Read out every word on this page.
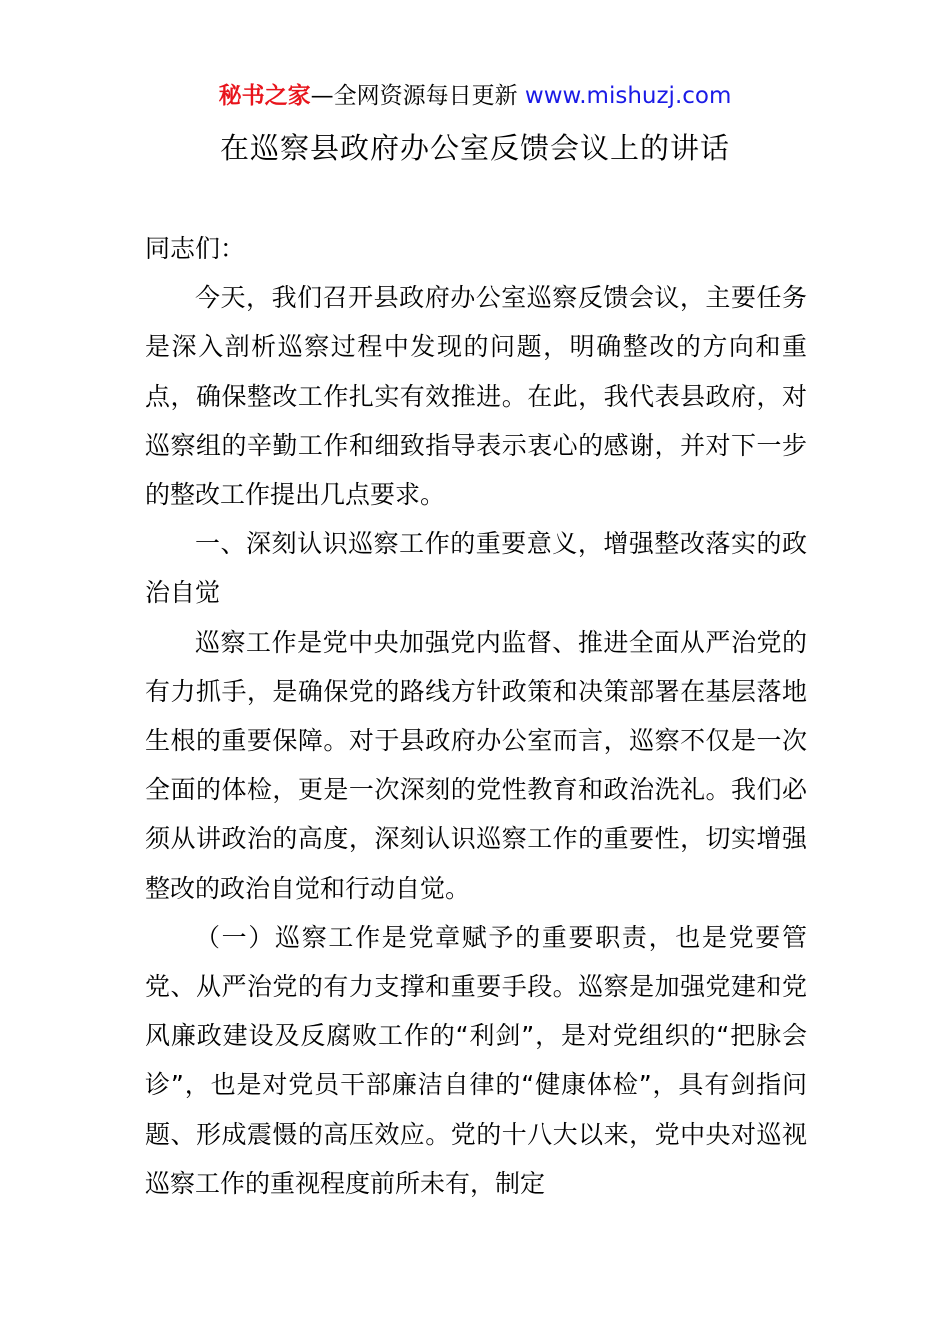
秘书之家—全网资源每日更新 www.mishuzj.com
在巡察县政府办公室反馈会议上的讲话

同志们：

今天，我们召开县政府办公室巡察反馈会议，主要任务是深入剖析巡察过程中发现的问题，明确整改的方向和重点，确保整改工作扎实有效推进。在此，我代表县政府，对巡察组的辛勤工作和细致指导表示衷心的感谢，并对下一步的整改工作提出几点要求。

一、深刻认识巡察工作的重要意义，增强整改落实的政治自觉

巡察工作是党中央加强党内监督、推进全面从严治党的有力抓手，是确保党的路线方针政策和决策部署在基层落地生根的重要保障。对于县政府办公室而言，巡察不仅是一次全面的体检，更是一次深刻的党性教育和政治洗礼。我们必须从讲政治的高度，深刻认识巡察工作的重要性，切实增强整改的政治自觉和行动自觉。

（一）巡察工作是党章赋予的重要职责，也是党要管党、从严治党的有力支撑和重要手段。巡察是加强党建和党风廉政建设及反腐败工作的“利剑”，是对党组织的“把脉会诊”，也是对党员干部廉洁自律的“健康体检”，具有剑指问题、形成震慑的高压效应。党的十八大以来，党中央对巡视巡察工作的重视程度前所未有，制定
